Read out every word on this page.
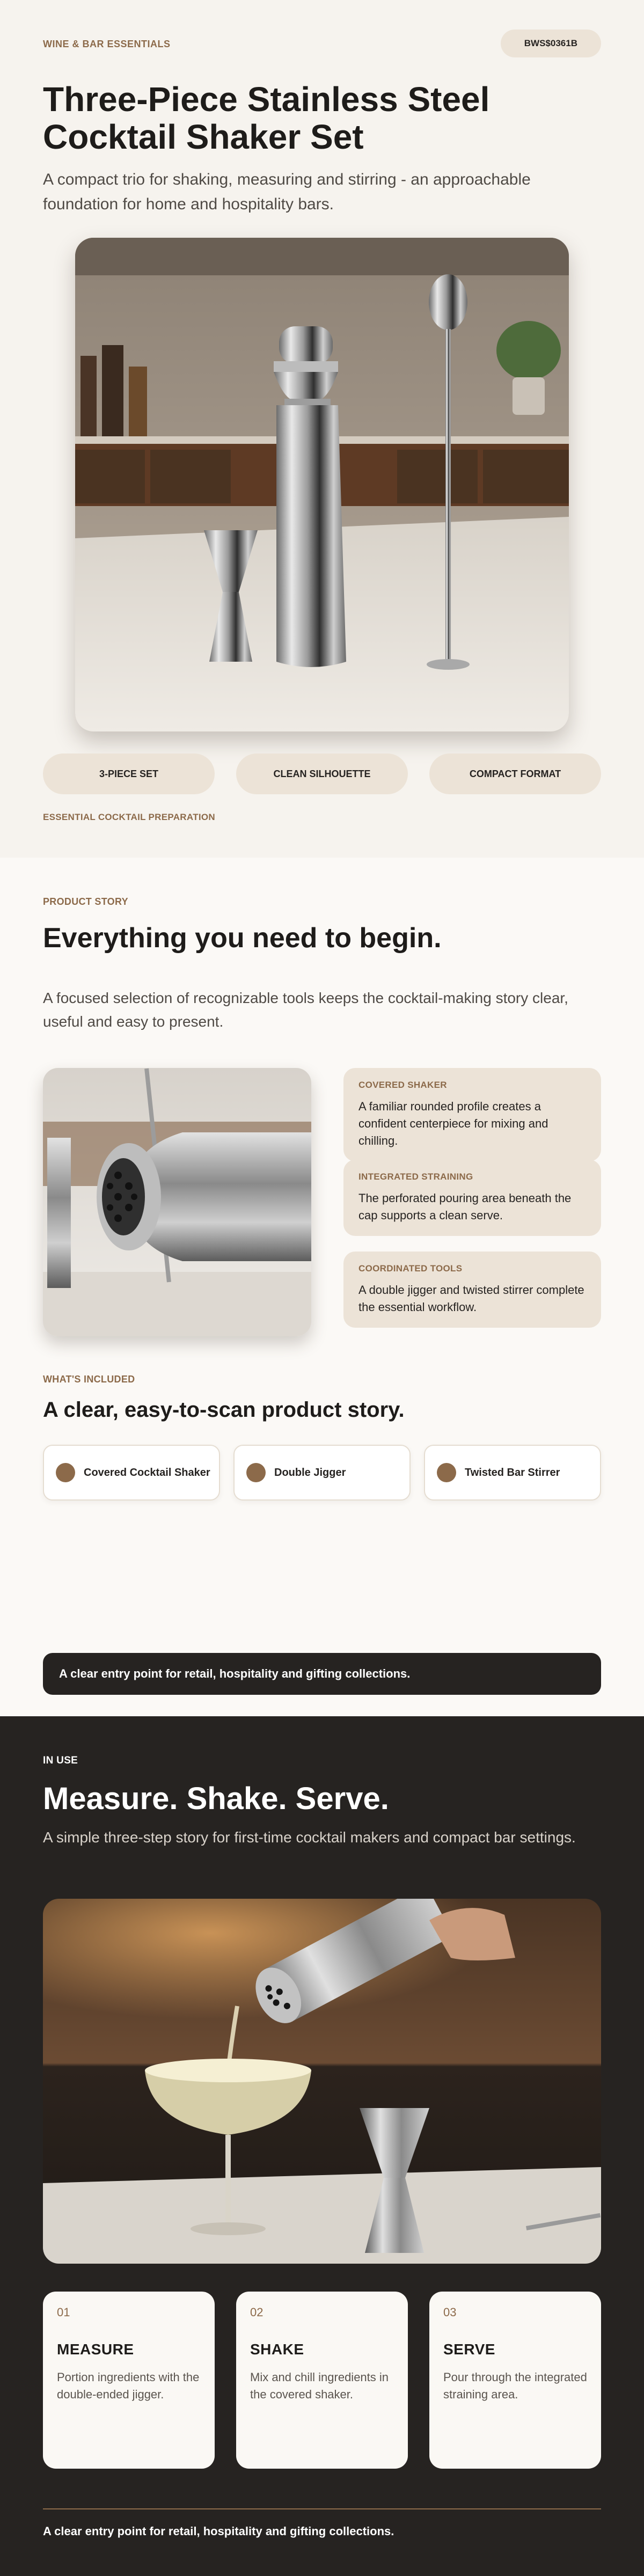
WINE & BAR ESSENTIALS	BWS$0361B
Three-Piece Stainless Steel Cocktail Shaker Set

A compact trio for shaking, measuring and stirring - an approachable foundation for home and hospitality bars.

3-PIECE SET	CLEAN SILHOUETTE	COMPACT FORMAT
ESSENTIAL COCKTAIL PREPARATION
PRODUCT STORY
Everything you need to begin.

A focused selection of recognizable tools keeps the cocktail-making story clear, useful and easy to present.

COVERED SHAKER
A familiar rounded profile creates a confident centerpiece for mixing and chilling.
INTEGRATED STRAINING
The perforated pouring area beneath the cap supports a clean serve.
COORDINATED TOOLS
A double jigger and twisted stirrer complete the essential workflow.
WHAT'S INCLUDED
A clear, easy-to-scan product story.
Covered Cocktail Shaker	Double Jigger	Twisted Bar Stirrer
A clear entry point for retail, hospitality and gifting collections.
IN USE
Measure. Shake. Serve.

A simple three-step story for first-time cocktail makers and compact bar settings.

01
MEASURE
Portion ingredients with the double-ended jigger.
02
SHAKE
Mix and chill ingredients in the covered shaker.
03
SERVE
Pour through the integrated straining area.
A clear entry point for retail, hospitality and gifting collections.
